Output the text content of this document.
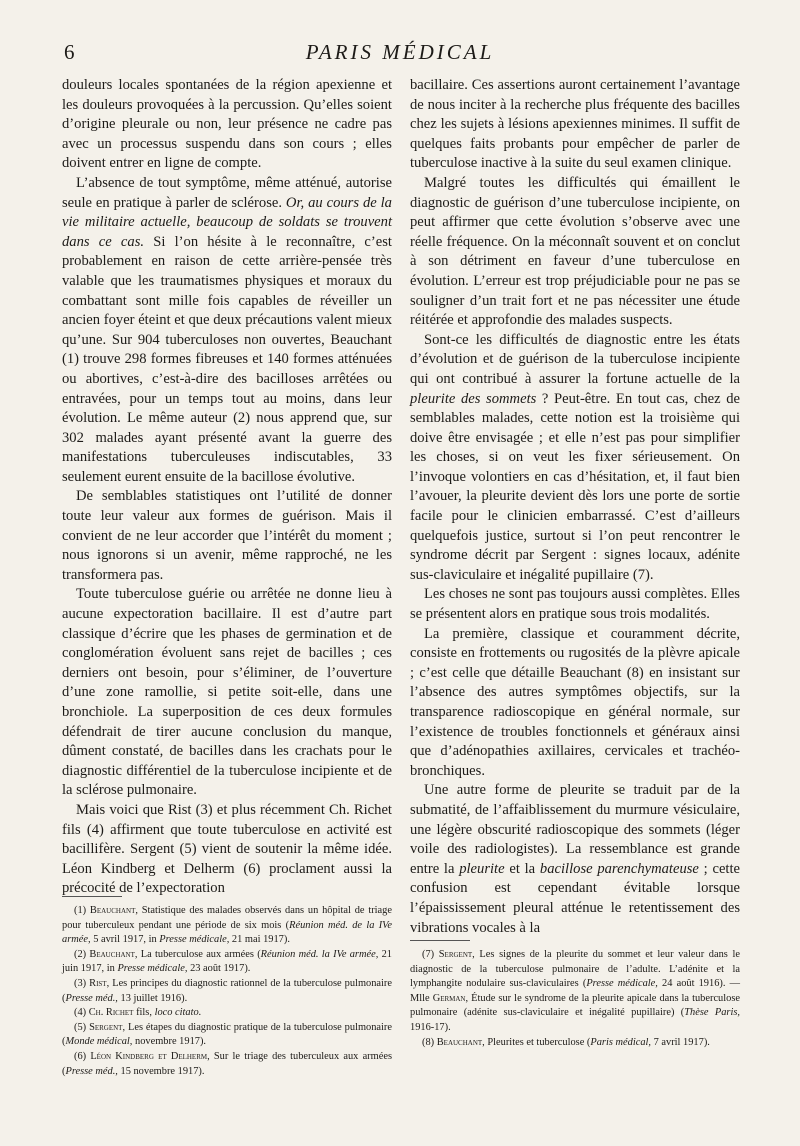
6	PARIS MÉDICAL

douleurs locales spontanées de la région apexienne et les douleurs provoquées à la percussion. Qu’elles soient d’origine pleurale ou non, leur présence ne cadre pas avec un processus suspendu dans son cours ; elles doivent entrer en ligne de compte.

L’absence de tout symptôme, même atténué, autorise seule en pratique à parler de sclérose. Or, au cours de la vie militaire actuelle, beaucoup de soldats se trouvent dans ce cas. Si l’on hésite à le reconnaître, c’est probablement en raison de cette arrière-pensée très valable que les traumatismes physiques et moraux du combattant sont mille fois capables de réveiller un ancien foyer éteint et que deux précautions valent mieux qu’une. Sur 904 tuberculoses non ouvertes, Beauchant (1) trouve 298 formes fibreuses et 140 formes atténuées ou abortives, c’est-à-dire des bacilloses arrêtées ou entravées, pour un temps tout au moins, dans leur évolution. Le même auteur (2) nous apprend que, sur 302 malades ayant présenté avant la guerre des manifestations tuberculeuses indiscutables, 33 seulement eurent ensuite de la bacillose évolutive.

De semblables statistiques ont l’utilité de donner toute leur valeur aux formes de guérison. Mais il convient de ne leur accorder que l’intérêt du moment ; nous ignorons si un avenir, même rapproché, ne les transformera pas.

Toute tuberculose guérie ou arrêtée ne donne lieu à aucune expectoration bacillaire. Il est d’autre part classique d’écrire que les phases de germination et de conglomération évoluent sans rejet de bacilles ; ces derniers ont besoin, pour s’éliminer, de l’ouverture d’une zone ramollie, si petite soit-elle, dans une bronchiole. La superposition de ces deux formules défendrait de tirer aucune conclusion du manque, dûment constaté, de bacilles dans les crachats pour le diagnostic différentiel de la tuberculose incipiente et de la sclérose pulmonaire.

Mais voici que Rist (3) et plus récemment Ch. Richet fils (4) affirment que toute tuberculose en activité est bacillifère. Sergent (5) vient de soutenir la même idée. Léon Kindberg et Delherm (6) proclament aussi la précocité de l’expectoration

bacillaire. Ces assertions auront certainement l’avantage de nous inciter à la recherche plus fréquente des bacilles chez les sujets à lésions apexiennes minimes. Il suffit de quelques faits probants pour empêcher de parler de tuberculose inactive à la suite du seul examen clinique.

Malgré toutes les difficultés qui émaillent le diagnostic de guérison d’une tuberculose incipiente, on peut affirmer que cette évolution s’observe avec une réelle fréquence. On la méconnaît souvent et on conclut à son détriment en faveur d’une tuberculose en évolution. L’erreur est trop préjudiciable pour ne pas se souligner d’un trait fort et ne pas nécessiter une étude réitérée et approfondie des malades suspects.

Sont-ce les difficultés de diagnostic entre les états d’évolution et de guérison de la tuberculose incipiente qui ont contribué à assurer la fortune actuelle de la pleurite des sommets ? Peut-être. En tout cas, chez de semblables malades, cette notion est la troisième qui doive être envisagée ; et elle n’est pas pour simplifier les choses, si on veut les fixer sérieusement. On l’invoque volontiers en cas d’hésitation, et, il faut bien l’avouer, la pleurite devient dès lors une porte de sortie facile pour le clinicien embarrassé. C’est d’ailleurs quelquefois justice, surtout si l’on peut rencontrer le syndrome décrit par Sergent : signes locaux, adénite sus-claviculaire et inégalité pupillaire (7).

Les choses ne sont pas toujours aussi complètes. Elles se présentent alors en pratique sous trois modalités.

La première, classique et couramment décrite, consiste en frottements ou rugosités de la plèvre apicale ; c’est celle que détaille Beauchant (8) en insistant sur l’absence des autres symptômes objectifs, sur la transparence radioscopique en général normale, sur l’existence de troubles fonctionnels et généraux ainsi que d’adénopathies axillaires, cervicales et trachéo-bronchiques.

Une autre forme de pleurite se traduit par de la submatité, de l’affaiblissement du murmure vésiculaire, une légère obscurité radioscopique des sommets (léger voile des radiologistes). La ressemblance est grande entre la pleurite et la bacillose parenchymateuse ; cette confusion est cependant évitable lorsque l’épaississement pleural atténue le retentissement des vibrations vocales à la

(1) Beauchant, Statistique des malades observés dans un hôpital de triage pour tuberculeux pendant une période de six mois (Réunion méd. de la IVe armée, 5 avril 1917, in Presse médicale, 21 mai 1917).

(2) Beauchant, La tuberculose aux armées (Réunion méd. la IVe armée, 21 juin 1917, in Presse médicale, 23 août 1917).

(3) Rist, Les principes du diagnostic rationnel de la tuberculose pulmonaire (Presse méd., 13 juillet 1916).

(4) Ch. Richet fils, loco citato.

(5) Sergent, Les étapes du diagnostic pratique de la tuberculose pulmonaire (Monde médical, novembre 1917).

(6) Léon Kindberg et Delherm, Sur le triage des tuberculeux aux armées (Presse méd., 15 novembre 1917).

(7) Sergent, Les signes de la pleurite du sommet et leur valeur dans le diagnostic de la tuberculose pulmonaire de l’adulte. L’adénite et la lymphangite nodulaire sus-claviculaires (Presse médicale, 24 août 1916). — Mlle German, Étude sur le syndrome de la pleurite apicale dans la tuberculose pulmonaire (adénite sus-claviculaire et inégalité pupillaire) (Thèse Paris, 1916-17).

(8) Beauchant, Pleurites et tuberculose (Paris médical, 7 avril 1917).
